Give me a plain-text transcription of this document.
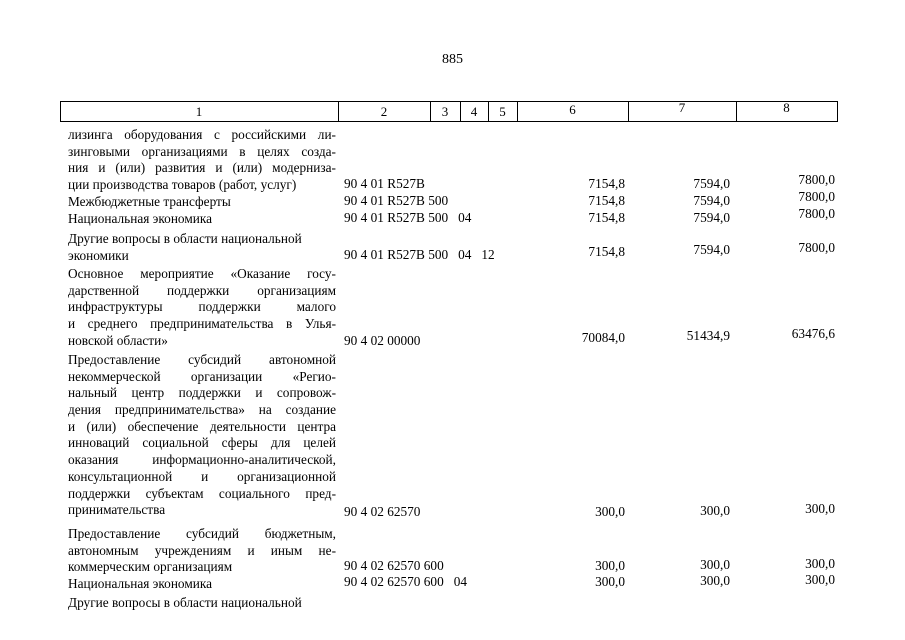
885
1	2	3	4	5	6	7	8
лизинга оборудования с российскими ли-
зинговыми организациями в целях созда-
ния и (или) развития и (или) модерниза-
ции производства товаров (работ, услуг)	90 4 01 R527B	7154,8	7594,0	7800,0
Межбюджетные трансферты	90 4 01 R527B 500	7154,8	7594,0	7800,0
Национальная экономика	90 4 01 R527B 500   04	7154,8	7594,0	7800,0
Другие вопросы в области национальной
экономики	90 4 01 R527B 500   04   12	7154,8	7594,0	7800,0
Основное мероприятие «Оказание госу-
дарственной поддержки организациям
инфраструктуры поддержки малого
и среднего предпринимательства в Улья-
новской области»	90 4 02 00000	70084,0	51434,9	63476,6
Предоставление субсидий автономной
некоммерческой организации «Регио-
нальный центр поддержки и сопровож-
дения предпринимательства» на создание
и (или) обеспечение деятельности центра
инноваций социальной сферы для целей
оказания информационно-аналитической,
консультационной и организационной
поддержки субъектам социального пред-
принимательства	90 4 02 62570	300,0	300,0	300,0
Предоставление субсидий бюджетным,
автономным учреждениям и иным не-
коммерческим организациям	90 4 02 62570 600	300,0	300,0	300,0
Национальная экономика	90 4 02 62570 600   04	300,0	300,0	300,0
Другие вопросы в области национальной
